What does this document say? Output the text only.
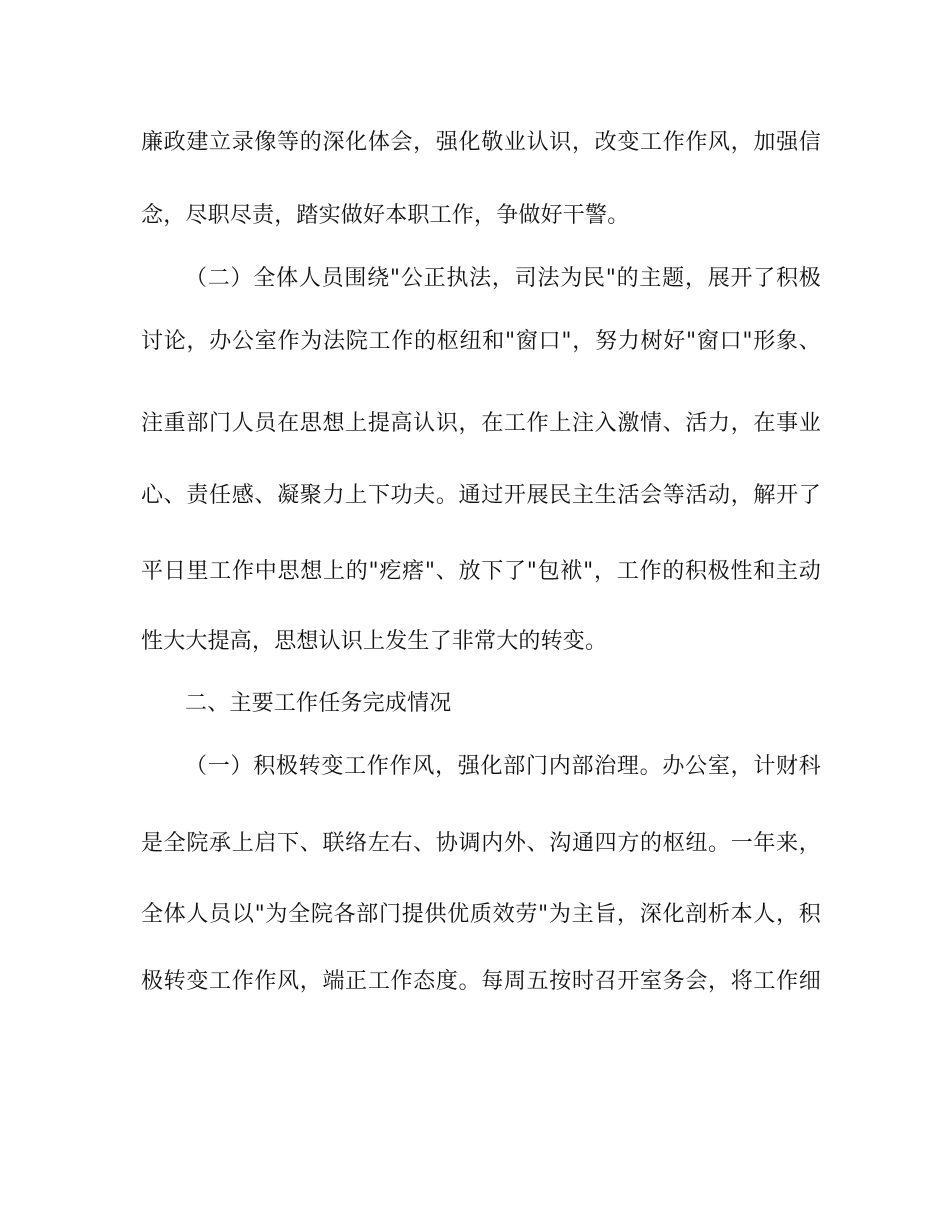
廉政建立录像等的深化体会，强化敬业认识，改变工作作风，加强信
念，尽职尽责，踏实做好本职工作，争做好干警。
（二）全体人员围绕"公正执法，司法为民"的主题，展开了积极
讨论，办公室作为法院工作的枢纽和"窗口"，努力树好"窗口"形象、
注重部门人员在思想上提高认识，在工作上注入激情、活力，在事业
心、责任感、凝聚力上下功夫。通过开展民主生活会等活动，解开了
平日里工作中思想上的"疙瘩"、放下了"包袱"，工作的积极性和主动
性大大提高，思想认识上发生了非常大的转变。
二、主要工作任务完成情况
（一）积极转变工作作风，强化部门内部治理。办公室，计财科
是全院承上启下、联络左右、协调内外、沟通四方的枢纽。一年来，
全体人员以"为全院各部门提供优质效劳"为主旨，深化剖析本人，积
极转变工作作风，端正工作态度。每周五按时召开室务会，将工作细
